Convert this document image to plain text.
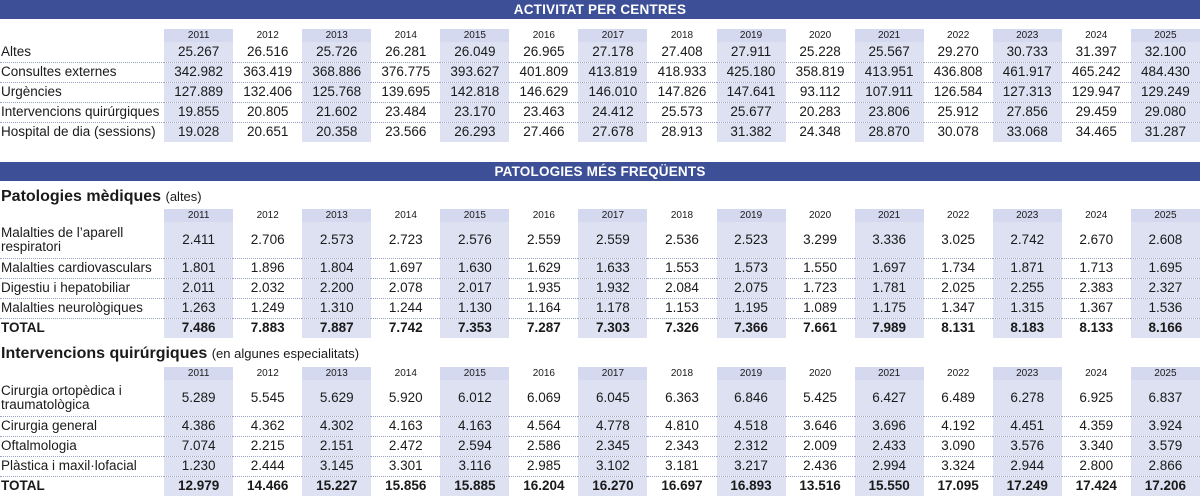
ACTIVITAT PER CENTRES
	2011	2012	2013	2014	2015	2016	2017	2018	2019	2020	2021	2022	2023	2024	2025
Altes	25.267	26.516	25.726	26.281	26.049	26.965	27.178	27.408	27.911	25.228	25.567	29.270	30.733	31.397	32.100
Consultes externes	342.982	363.419	368.886	376.775	393.627	401.809	413.819	418.933	425.180	358.819	413.951	436.808	461.917	465.242	484.430
Urgències	127.889	132.406	125.768	139.695	142.818	146.629	146.010	147.826	147.641	93.112	107.911	126.584	127.313	129.947	129.249
Intervencions quirúrgiques	19.855	20.805	21.602	23.484	23.170	23.463	24.412	25.573	25.677	20.283	23.806	25.912	27.856	29.459	29.080
Hospital de dia (sessions)	19.028	20.651	20.358	23.566	26.293	27.466	27.678	28.913	31.382	24.348	28.870	30.078	33.068	34.465	31.287
PATOLOGIES MÉS FREQÜENTS
Patologies mèdiques (altes)
	2011	2012	2013	2014	2015	2016	2017	2018	2019	2020	2021	2022	2023	2024	2025
Malalties de l’aparell respiratori	2.411	2.706	2.573	2.723	2.576	2.559	2.559	2.536	2.523	3.299	3.336	3.025	2.742	2.670	2.608
Malalties cardiovasculars	1.801	1.896	1.804	1.697	1.630	1.629	1.633	1.553	1.573	1.550	1.697	1.734	1.871	1.713	1.695
Digestiu i hepatobiliar	2.011	2.032	2.200	2.078	2.017	1.935	1.932	2.084	2.075	1.723	1.781	2.025	2.255	2.383	2.327
Malalties neurològiques	1.263	1.249	1.310	1.244	1.130	1.164	1.178	1.153	1.195	1.089	1.175	1.347	1.315	1.367	1.536
TOTAL	7.486	7.883	7.887	7.742	7.353	7.287	7.303	7.326	7.366	7.661	7.989	8.131	8.183	8.133	8.166
Intervencions quirúrgiques (en algunes especialitats)
	2011	2012	2013	2014	2015	2016	2017	2018	2019	2020	2021	2022	2023	2024	2025
Cirurgia ortopèdica i traumatològica	5.289	5.545	5.629	5.920	6.012	6.069	6.045	6.363	6.846	5.425	6.427	6.489	6.278	6.925	6.837
Cirurgia general	4.386	4.362	4.302	4.163	4.163	4.564	4.778	4.810	4.518	3.646	3.696	4.192	4.451	4.359	3.924
Oftalmologia	7.074	2.215	2.151	2.472	2.594	2.586	2.345	2.343	2.312	2.009	2.433	3.090	3.576	3.340	3.579
Plàstica i maxil·lofacial	1.230	2.444	3.145	3.301	3.116	2.985	3.102	3.181	3.217	2.436	2.994	3.324	2.944	2.800	2.866
TOTAL	12.979	14.466	15.227	15.856	15.885	16.204	16.270	16.697	16.893	13.516	15.550	17.095	17.249	17.424	17.206
